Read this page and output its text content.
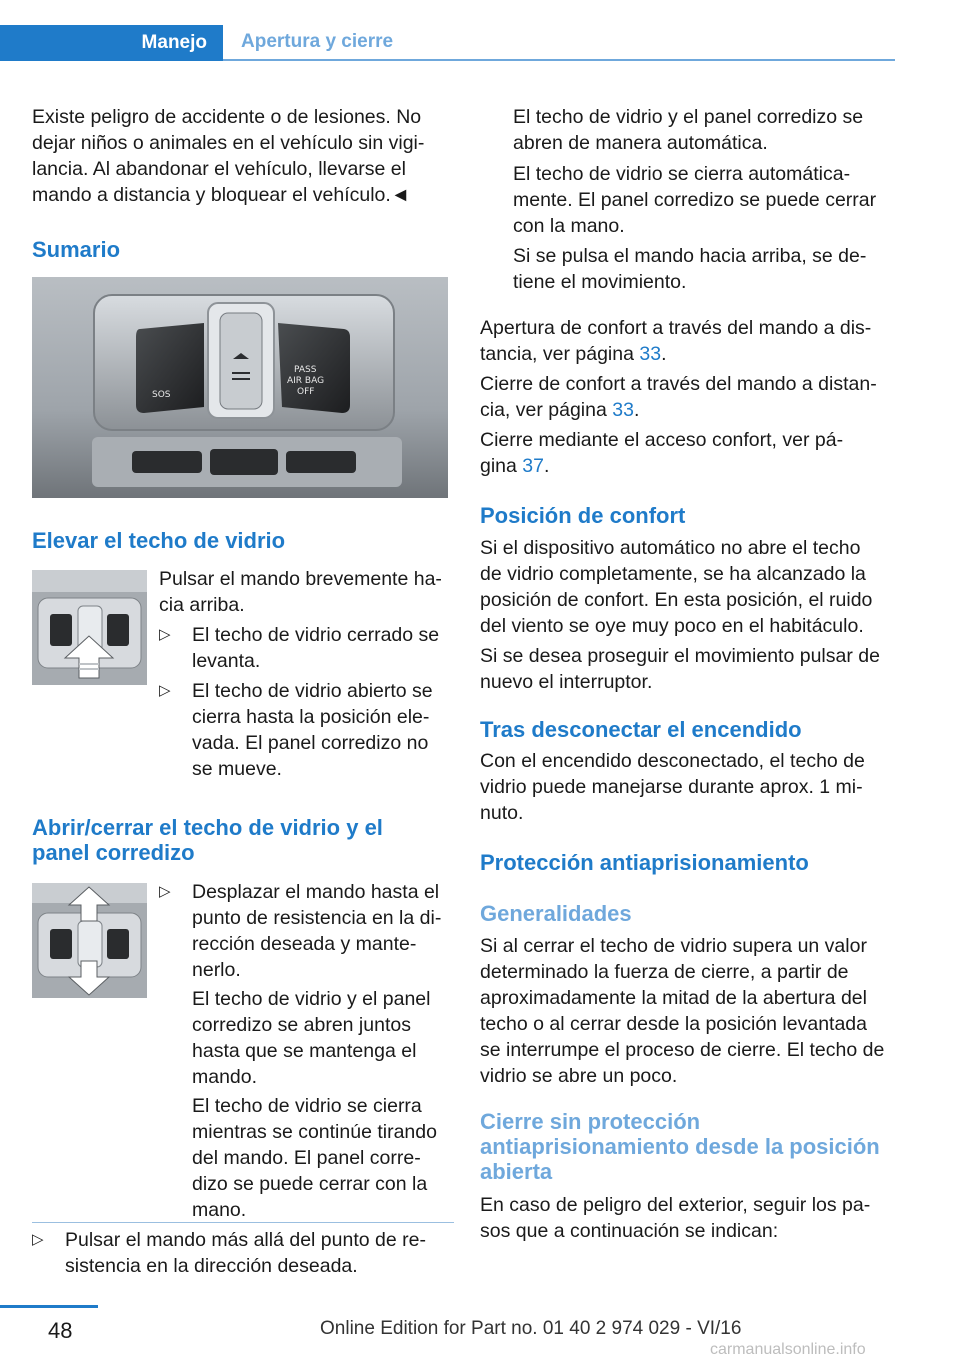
Manejo	Apertura y cierre
Existe peligro de accidente o de lesiones. No
dejar niños o animales en el vehículo sin vigi‐
lancia. Al abandonar el vehículo, llevarse el
mando a distancia y bloquear el vehículo.◄
Sumario
SOS
PASS
AIR BAG
OFF
Elevar el techo de vidrio
Pulsar el mando brevemente ha‐
cia arriba.
▷ El techo de vidrio cerrado se
levanta.
▷ El techo de vidrio abierto se
cierra hasta la posición ele‐
vada. El panel corredizo no
se mueve.
Abrir/cerrar el techo de vidrio y el
panel corredizo
▷ Desplazar el mando hasta el
punto de resistencia en la di‐
rección deseada y mante‐
nerlo.
El techo de vidrio y el panel
corredizo se abren juntos
hasta que se mantenga el
mando.
El techo de vidrio se cierra
mientras se continúe tirando
del mando. El panel corre‐
dizo se puede cerrar con la
mano.
▷ Pulsar el mando más allá del punto de re‐
sistencia en la dirección deseada.
El techo de vidrio y el panel corredizo se
abren de manera automática.
El techo de vidrio se cierra automática‐
mente. El panel corredizo se puede cerrar
con la mano.
Si se pulsa el mando hacia arriba, se de‐
tiene el movimiento.
Apertura de confort a través del mando a dis‐
tancia, ver página 33.
Cierre de confort a través del mando a distan‐
cia, ver página 33.
Cierre mediante el acceso confort, ver pá‐
gina 37.
Posición de confort
Si el dispositivo automático no abre el techo
de vidrio completamente, se ha alcanzado la
posición de confort. En esta posición, el ruido
del viento se oye muy poco en el habitáculo.
Si se desea proseguir el movimiento pulsar de
nuevo el interruptor.
Tras desconectar el encendido
Con el encendido desconectado, el techo de
vidrio puede manejarse durante aprox. 1 mi‐
nuto.
Protección antiaprisionamiento
Generalidades
Si al cerrar el techo de vidrio supera un valor
determinado la fuerza de cierre, a partir de
aproximadamente la mitad de la abertura del
techo o al cerrar desde la posición levantada
se interrumpe el proceso de cierre. El techo de
vidrio se abre un poco.
Cierre sin protección
antiaprisionamiento desde la posición
abierta
En caso de peligro del exterior, seguir los pa‐
sos que a continuación se indican:
48	Online Edition for Part no. 01 40 2 974 029 - VI/16
carmanualsonline.info
